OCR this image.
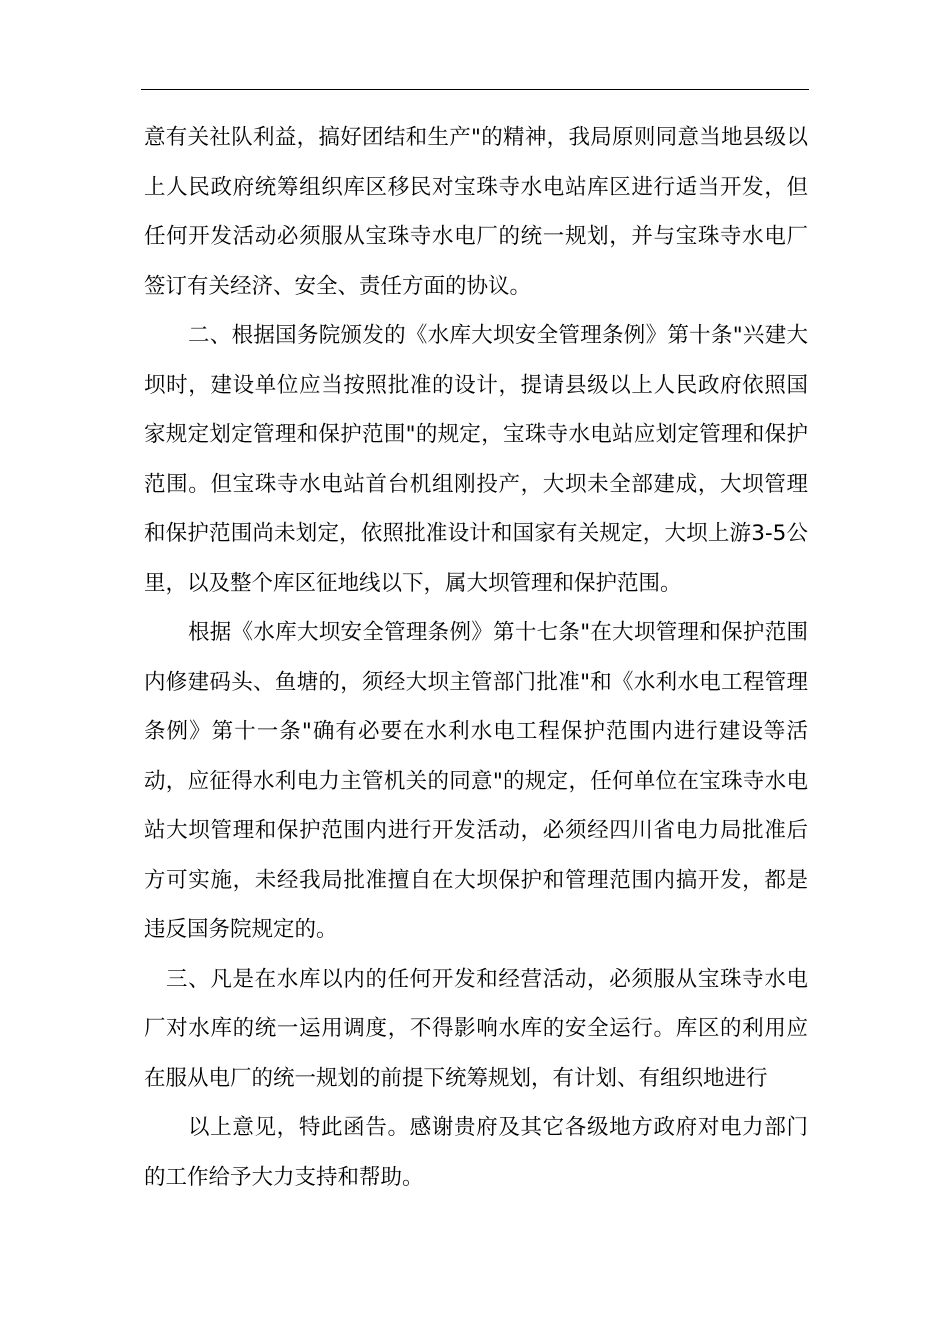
意有关社队利益，搞好团结和生产"的精神，我局原则同意当地县级以上人民政府统筹组织库区移民对宝珠寺水电站库区进行适当开发，但任何开发活动必须服从宝珠寺水电厂的统一规划，并与宝珠寺水电厂签订有关经济、安全、责任方面的协议。

二、根据国务院颁发的《水库大坝安全管理条例》第十条"兴建大坝时，建设单位应当按照批准的设计，提请县级以上人民政府依照国家规定划定管理和保护范围"的规定，宝珠寺水电站应划定管理和保护范围。但宝珠寺水电站首台机组刚投产，大坝未全部建成，大坝管理和保护范围尚未划定，依照批准设计和国家有关规定，大坝上游3-5公里，以及整个库区征地线以下，属大坝管理和保护范围。

根据《水库大坝安全管理条例》第十七条"在大坝管理和保护范围内修建码头、鱼塘的，须经大坝主管部门批准"和《水利水电工程管理条例》第十一条"确有必要在水利水电工程保护范围内进行建设等活动，应征得水利电力主管机关的同意"的规定，任何单位在宝珠寺水电站大坝管理和保护范围内进行开发活动，必须经四川省电力局批准后方可实施，未经我局批准擅自在大坝保护和管理范围内搞开发，都是违反国务院规定的。

三、凡是在水库以内的任何开发和经营活动，必须服从宝珠寺水电厂对水库的统一运用调度，不得影响水库的安全运行。库区的利用应在服从电厂的统一规划的前提下统筹规划，有计划、有组织地进行

以上意见，特此函告。感谢贵府及其它各级地方政府对电力部门的工作给予大力支持和帮助。
